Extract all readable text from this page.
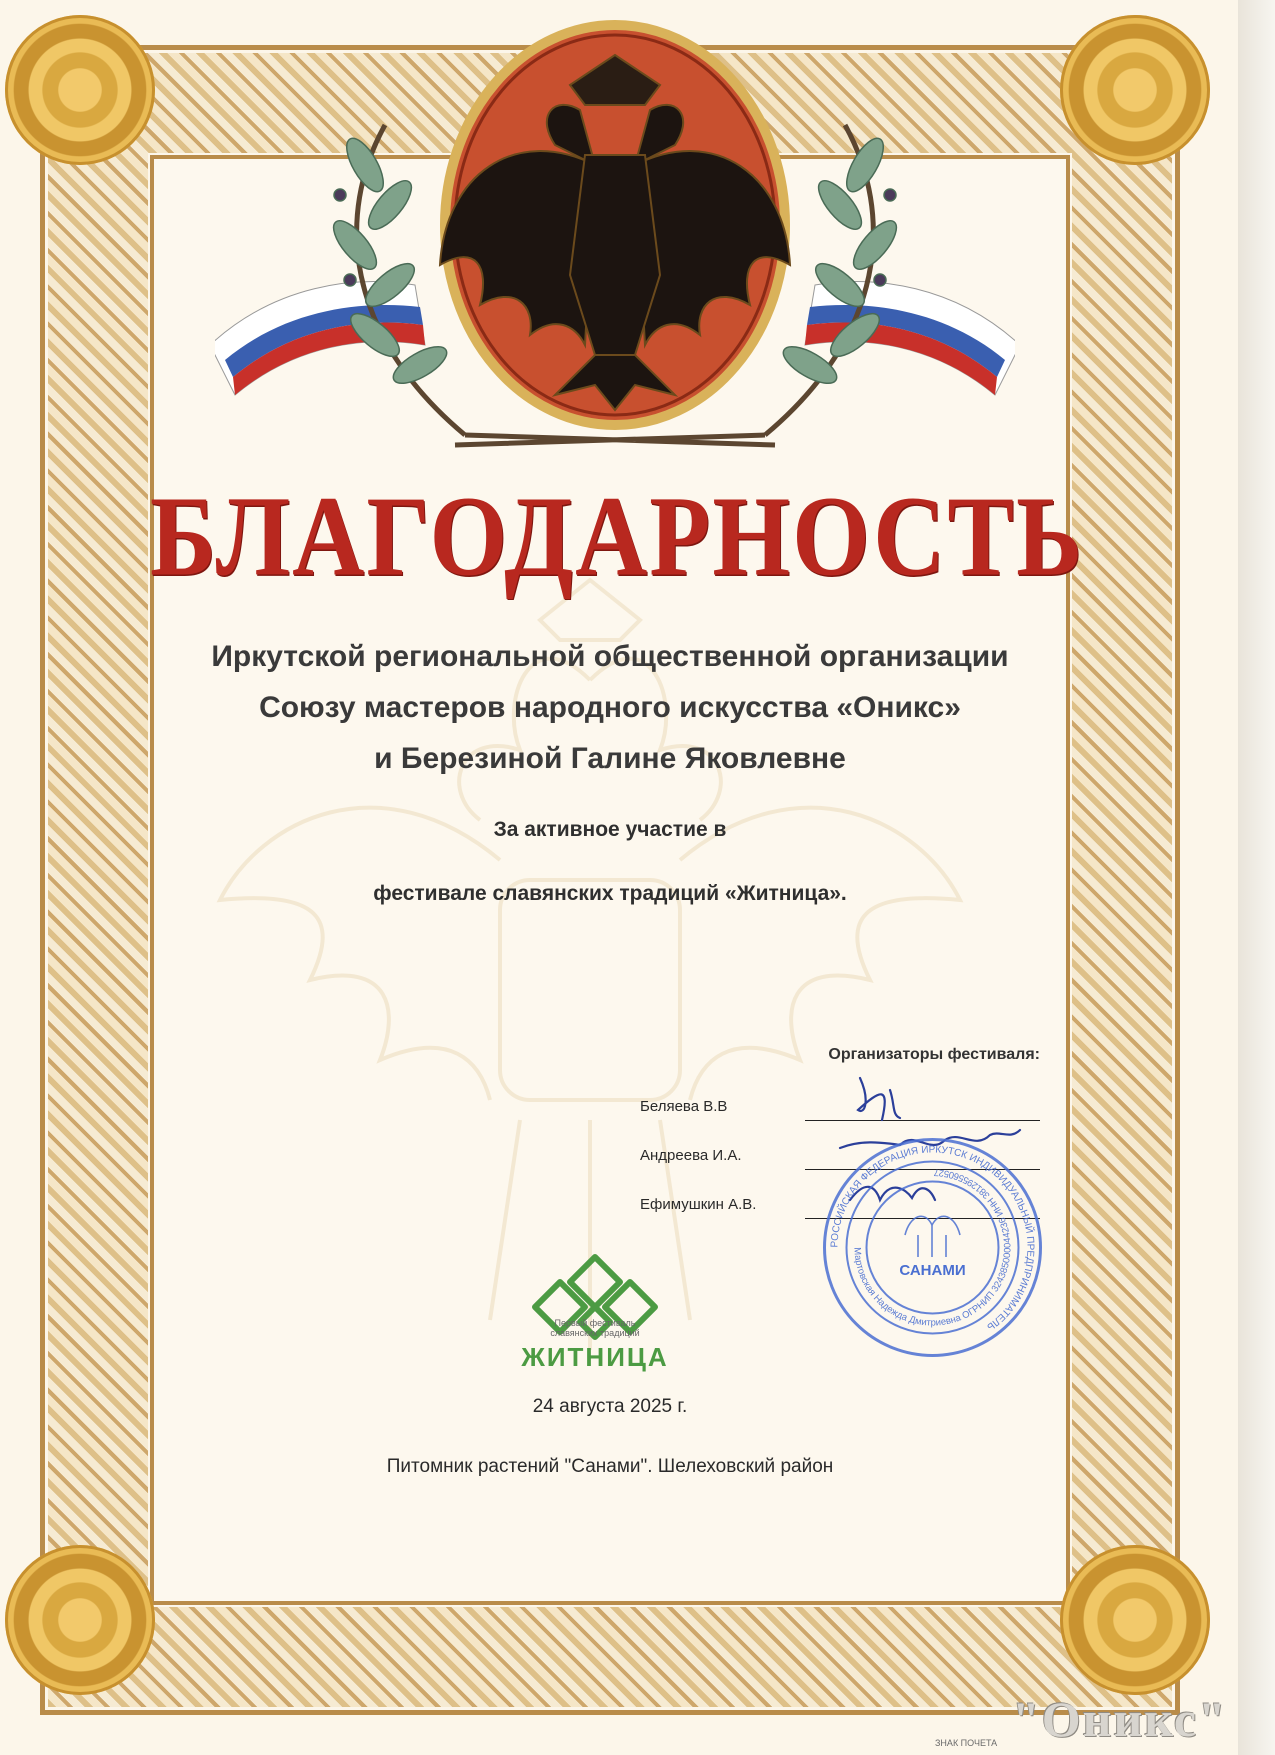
БЛАГОДАРНОСТЬ
Иркутской региональной общественной организации
Союзу мастеров народного искусства «Оникс»
и Березиной Галине Яковлевне
За активное участие в
фестивале славянских традиций «Житница».
Организаторы фестиваля:
Беляева В.В
Андреева И.А.
Ефимушкин А.В.
РОССИЙСКАЯ ФЕДЕРАЦИЯ ИРКУТСК ИНДИВИДУАЛЬНЫЙ ПРЕДПРИНИМАТЕЛЬ
Мартовская Надежда Дмитриевна ОГРНИП 324385000044236 ИНН 381295560527
САНАМИ
Первый фестиваль
славянских традиций
ЖИТНИЦА
24 августа 2025 г.
Питомник растений "Санами". Шелеховский район
ЗНАК ПОЧЕТА "Оникс"
